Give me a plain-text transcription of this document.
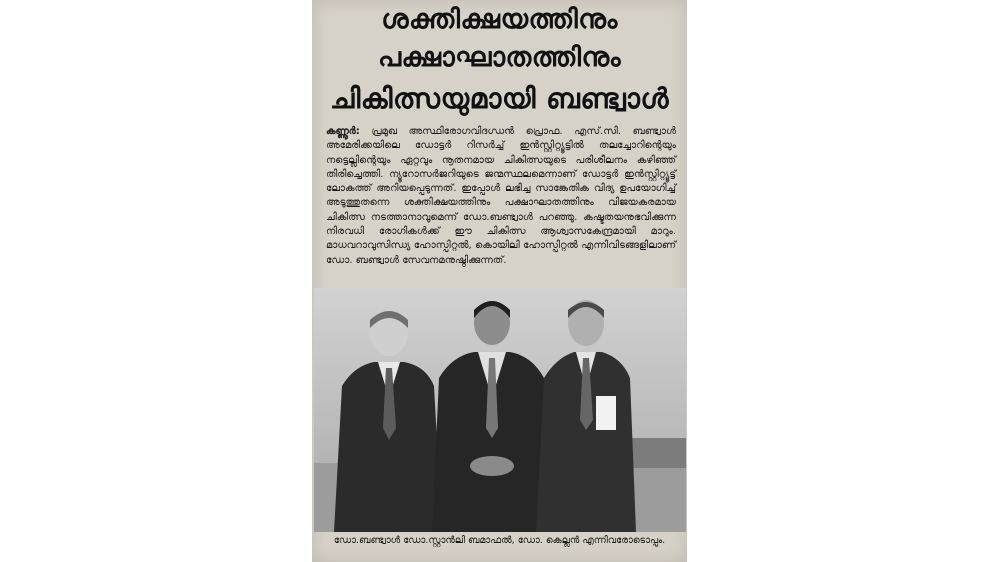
ശക്തിക്ഷയത്തിനും
പക്ഷാഘാതത്തിനും
ചികിത്സയുമായി ബണ്ട്വാൾ
കണ്ണൂർ: പ്രമുഖ അസ്ഥിരോഗവിദഗ്ധൻ പ്രൊഫ. എസ്.സി. ബണ്ട്വാൾ അമേരിക്കയിലെ ഡോട്ടർ റിസർച്ച് ഇൻസ്റ്റിറ്റ്യൂട്ടിൽ തലച്ചോറിന്റെയും നട്ടെല്ലിന്റെയും ഏറ്റവും നൂതനമായ ചികിത്സയുടെ പരിശീലനം കഴിഞ്ഞ് തിരിച്ചെത്തി. ന്യൂറോസർജറിയുടെ ജന്മസ്ഥലമെന്നാണ് ഡോട്ടർ ഇൻസ്റ്റിറ്റ്യൂട്ട് ലോകത്ത് അറിയപ്പെടുന്നത്. ഇപ്പോൾ ലഭിച്ച സാങ്കേതിക വിദ്യ ഉപയോഗിച്ച് അടുത്തുതന്നെ ശക്തിക്ഷയത്തിനും പക്ഷാഘാതത്തിനും വിജയകരമായ ചികിത്സ നടത്താനാവുമെന്ന് ഡോ.ബണ്ട്വാൾ പറഞ്ഞു. കഷ്ടതയനുഭവിക്കുന്ന നിരവധി രോഗികൾക്ക് ഈ ചികിത്സ ആശ്വാസകേന്ദ്രമായി മാറും. മാധവറാവുസിന്ധ്യ ഹോസ്പിറ്റൽ, കൊയിലി ഹോസ്പിറ്റൽ എന്നിവിടങ്ങളിലാണ് ഡോ. ബണ്ട്വാൾ സേവനമനുഷ്ഠിക്കുന്നത്.
ഡോ.ബണ്ട്വാൾ ഡോ.സ്റ്റാൻലി ബമാഫൽ, ഡോ. കെല്ലൻ എന്നിവരോടൊപ്പം.
